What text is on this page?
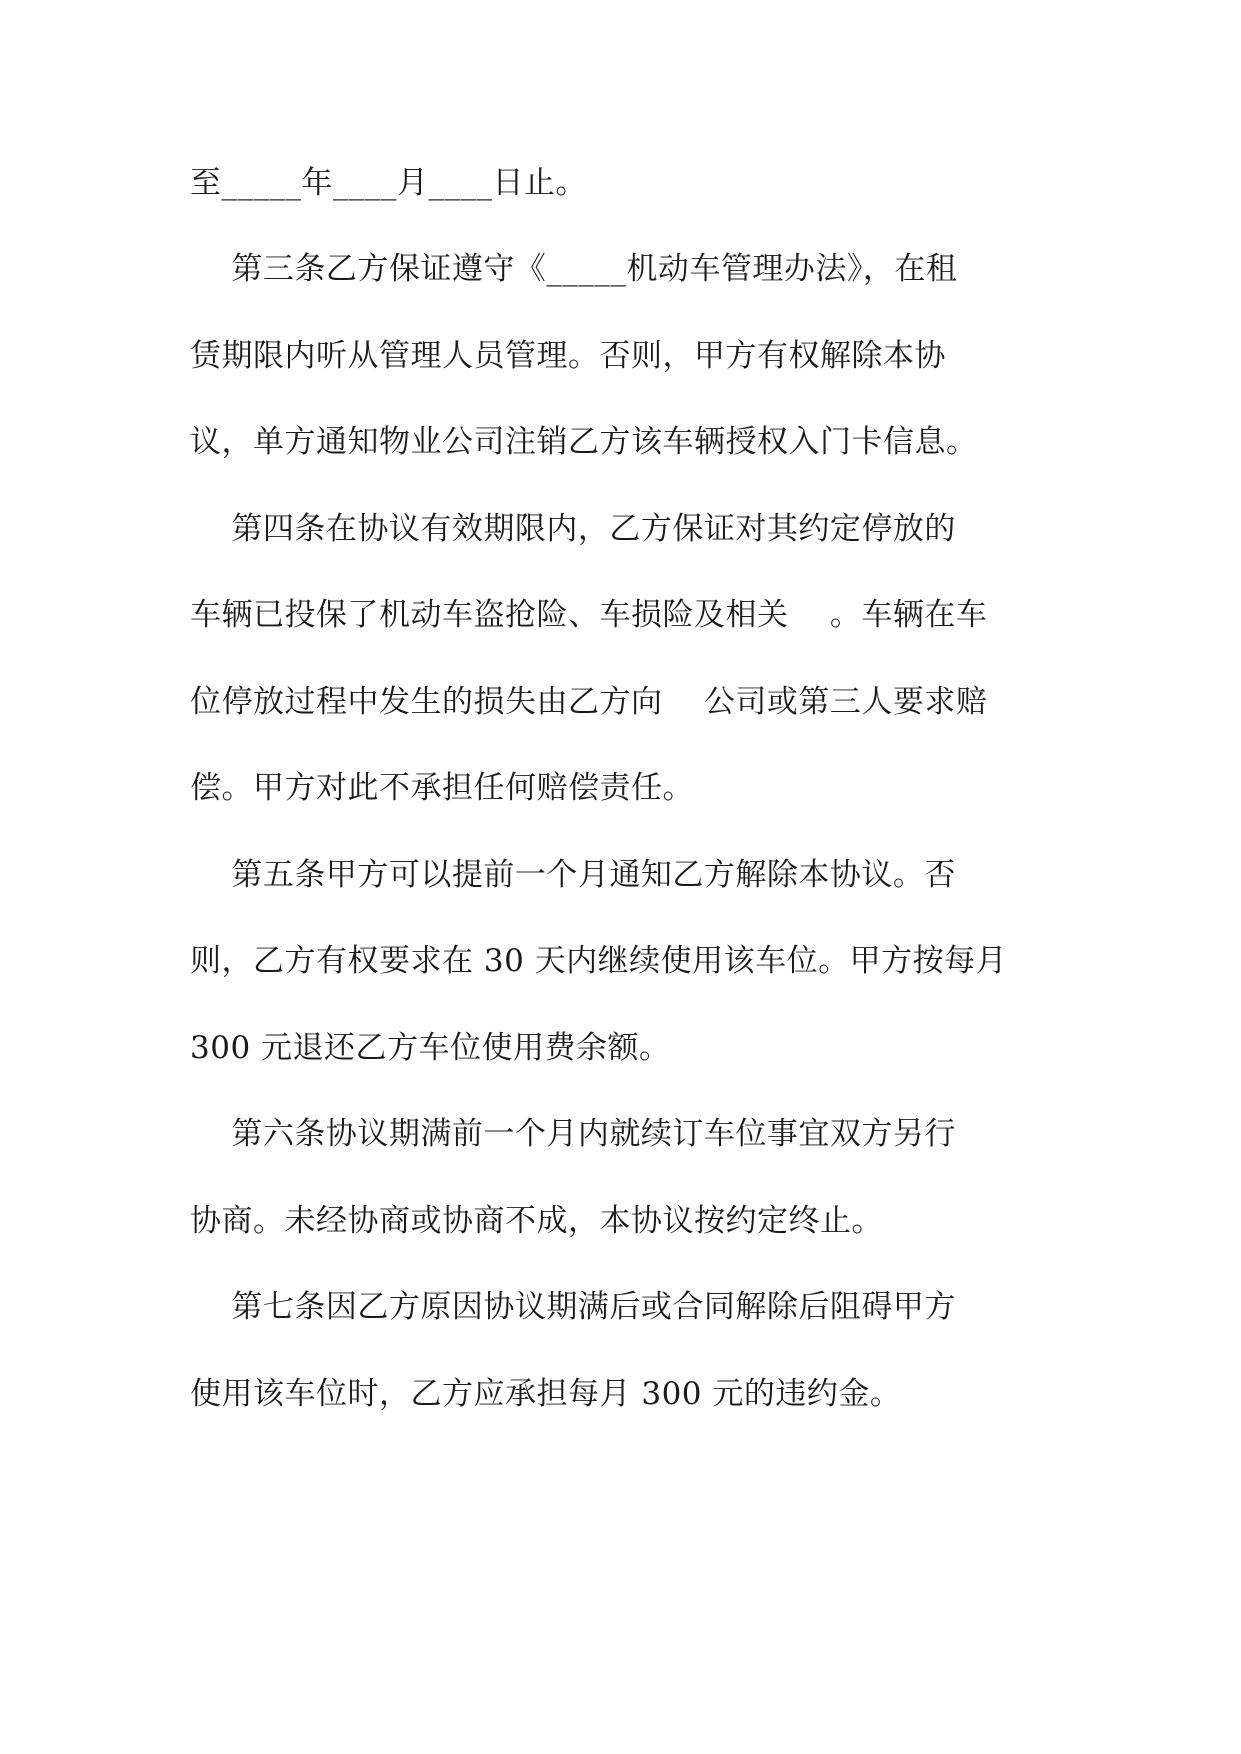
至_____年____月____日止。

第三条乙方保证遵守《_____机动车管理办法》，在租

赁期限内听从管理人员管理。否则，甲方有权解除本协

议，单方通知物业公司注销乙方该车辆授权入门卡信息。

第四条在协议有效期限内，乙方保证对其约定停放的

车辆已投保了机动车盗抢险、车损险及相关    。车辆在车

位停放过程中发生的损失由乙方向    公司或第三人要求赔

偿。甲方对此不承担任何赔偿责任。

第五条甲方可以提前一个月通知乙方解除本协议。否

则，乙方有权要求在 30 天内继续使用该车位。甲方按每月

300 元退还乙方车位使用费余额。

第六条协议期满前一个月内就续订车位事宜双方另行

协商。未经协商或协商不成，本协议按约定终止。

第七条因乙方原因协议期满后或合同解除后阻碍甲方

使用该车位时，乙方应承担每月 300 元的违约金。
